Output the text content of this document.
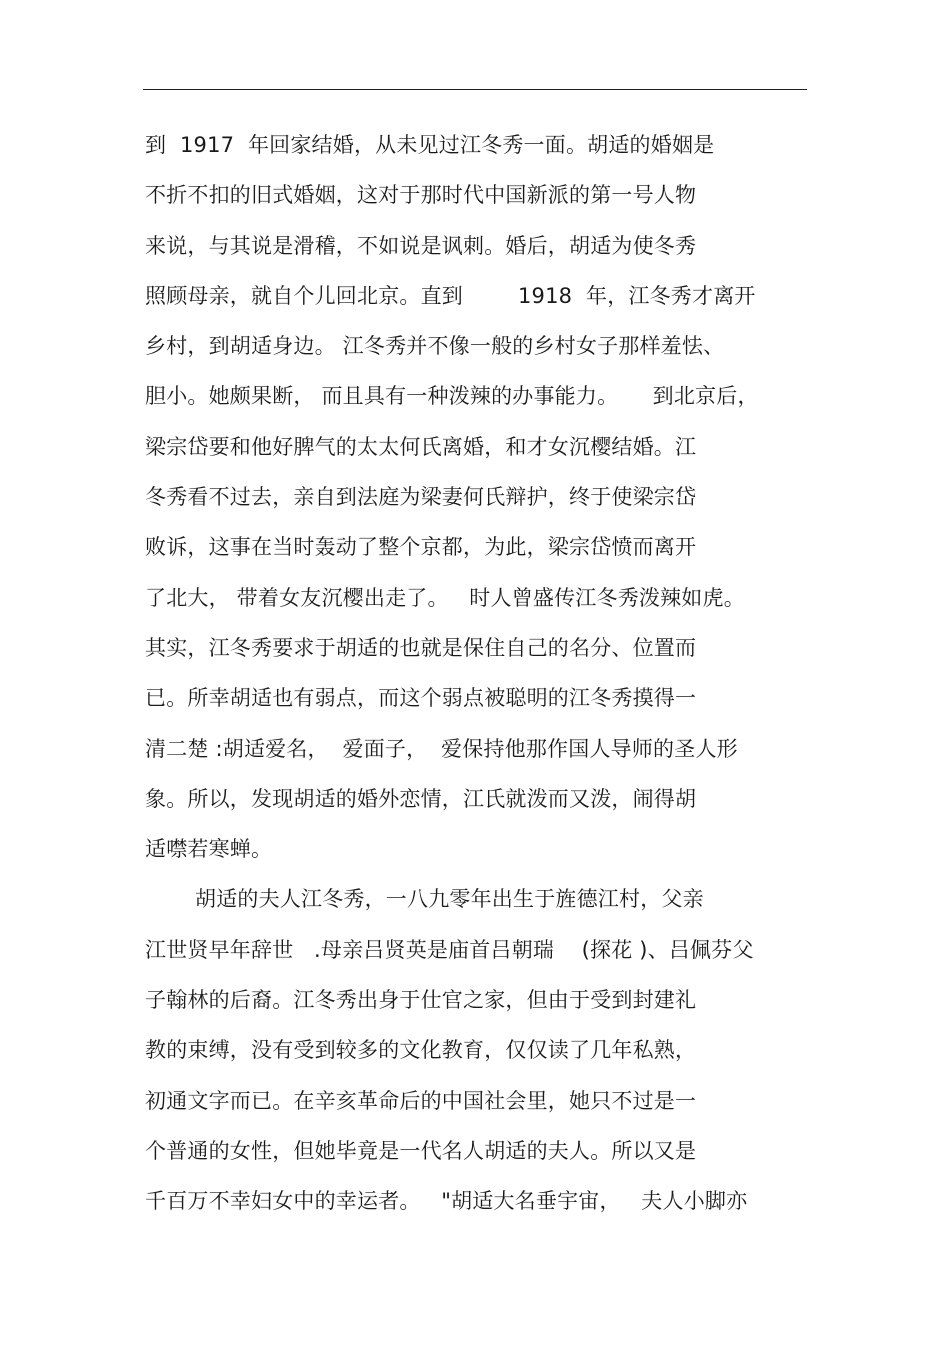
到  1917  年回家结婚，从未见过江冬秀一面。胡适的婚姻是
不折不扣的旧式婚姻，这对于那时代中国新派的第一号人物
来说，与其说是滑稽，不如说是讽刺。婚后，胡适为使冬秀
照顾母亲，就自个儿回北京。直到        1918  年，江冬秀才离开
乡村，到胡适身边。 江冬秀并不像一般的乡村女子那样羞怯、
胆小。她颇果断， 而且具有一种泼辣的办事能力。     到北京后，
梁宗岱要和他好脾气的太太何氏离婚，和才女沉樱结婚。江
冬秀看不过去，亲自到法庭为梁妻何氏辩护，终于使梁宗岱
败诉，这事在当时轰动了整个京都，为此，梁宗岱愤而离开
了北大， 带着女友沉樱出走了。   时人曾盛传江冬秀泼辣如虎。
其实，江冬秀要求于胡适的也就是保住自己的名分、位置而
已。所幸胡适也有弱点，而这个弱点被聪明的江冬秀摸得一
清二楚 :胡适爱名，  爱面子，  爱保持他那作国人导师的圣人形
象。所以，发现胡适的婚外恋情，江氏就泼而又泼，闹得胡
适噤若寒蝉。
胡适的夫人江冬秀，一八九零年出生于旌德江村，父亲
江世贤早年辞世   .母亲吕贤英是庙首吕朝瑞    (探花 )、吕佩芬父
子翰林的后裔。江冬秀出身于仕官之家，但由于受到封建礼
教的束缚，没有受到较多的文化教育，仅仅读了几年私熟，
初通文字而已。在辛亥革命后的中国社会里，她只不过是一
个普通的女性，但她毕竟是一代名人胡适的夫人。所以又是
千百万不幸妇女中的幸运者。   "胡适大名垂宇宙，   夫人小脚亦
